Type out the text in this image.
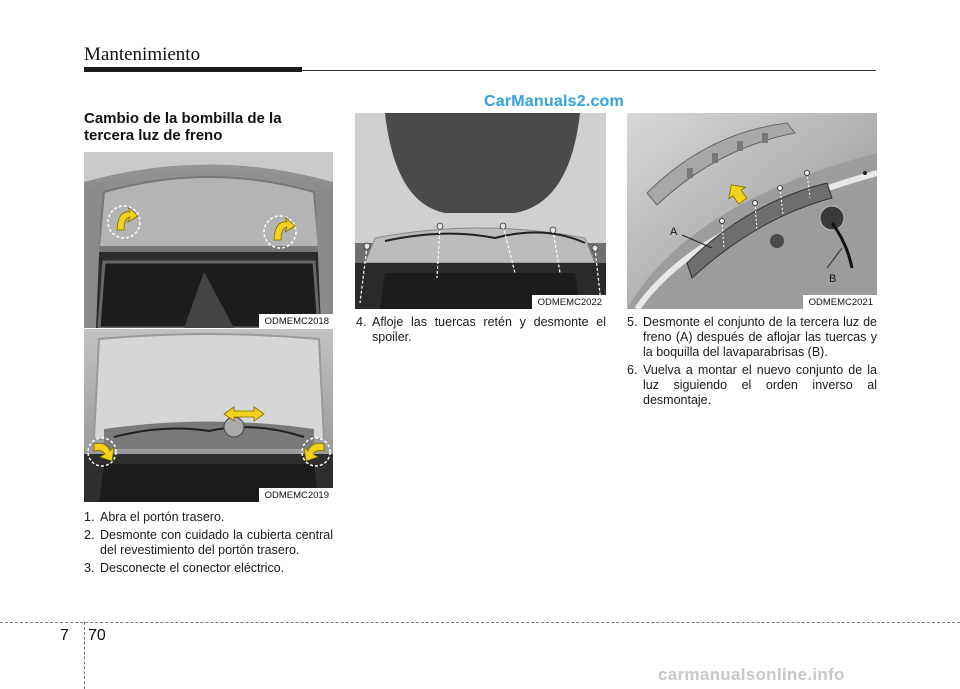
Mantenimiento
CarManuals2.com
Cambio de la bombilla de la tercera luz de freno
ODMEMC2018
ODMEMC2019
ODMEMC2022
A
B
ODMEMC2021
1. Abra el portón trasero.
2. Desmonte con cuidado la cubierta central del revestimiento del portón trasero.
3. Desconecte el conector eléctrico.
4. Afloje las tuercas retén y desmonte el spoiler.
5. Desmonte el conjunto de la tercera luz de freno (A) después de aflojar las tuercas y la boquilla del lavaparabrisas (B).
6. Vuelva a montar el nuevo conjunto de la luz siguiendo el orden inverso al desmontaje.
7 70
carmanualsonline.info
